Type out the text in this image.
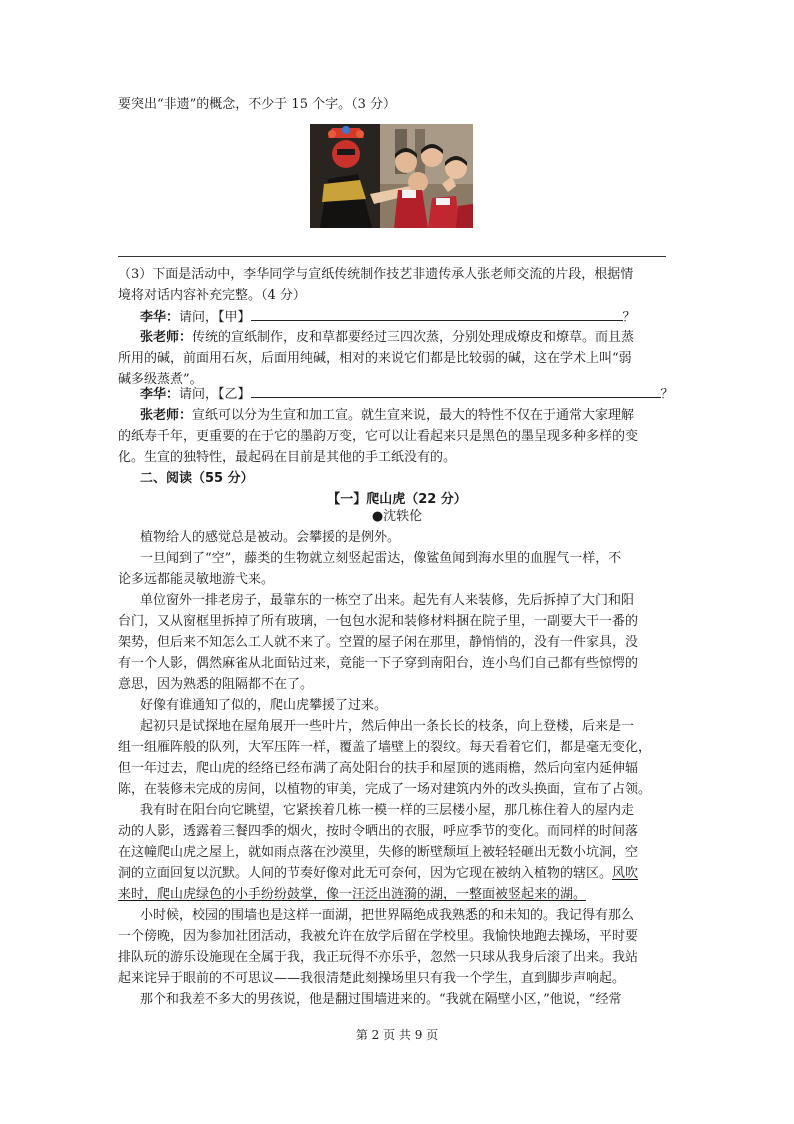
要突出“非遗”的概念，不少于 15 个字。（3 分）
（3）下面是活动中，李华同学与宣纸传统制作技艺非遗传承人张老师交流的片段，根据情
境将对话内容补充完整。（4 分）
李华：请问，【甲】	？
张老师：传统的宣纸制作，皮和草都要经过三四次蒸，分别处理成燎皮和燎草。而且蒸
所用的碱，前面用石灰，后面用纯碱，相对的来说它们都是比较弱的碱，这在学术上叫“弱
碱多级蒸煮”。
李华：请问，【乙】	？
张老师：宣纸可以分为生宣和加工宣。就生宣来说，最大的特性不仅在于通常大家理解
的纸寿千年，更重要的在于它的墨韵万变，它可以让看起来只是黑色的墨呈现多种多样的变
化。生宣的独特性，最起码在目前是其他的手工纸没有的。
二、阅读（55 分）
【一】爬山虎（22 分）
●沈轶伦
植物给人的感觉总是被动。会攀援的是例外。
一旦闻到了“空”，藤类的生物就立刻竖起雷达，像鲨鱼闻到海水里的血腥气一样，不
论多远都能灵敏地游弋来。
单位窗外一排老房子，最靠东的一栋空了出来。起先有人来装修，先后拆掉了大门和阳
台门，又从窗框里拆掉了所有玻璃，一包包水泥和装修材料捆在院子里，一副要大干一番的
架势，但后来不知怎么工人就不来了。空置的屋子闲在那里，静悄悄的，没有一件家具，没
有一个人影，偶然麻雀从北面钻过来，竟能一下子穿到南阳台，连小鸟们自己都有些惊愕的
意思，因为熟悉的阻隔都不在了。
好像有谁通知了似的，爬山虎攀援了过来。
起初只是试探地在屋角展开一些叶片，然后伸出一条长长的枝条，向上登楼，后来是一
组一组雁阵般的队列，大军压阵一样，覆盖了墙壁上的裂纹。每天看着它们，都是毫无变化，
但一年过去，爬山虎的经络已经布满了高处阳台的扶手和屋顶的逃雨檐，然后向室内延伸辐
陈，在装修未完成的房间，以植物的审美，完成了一场对建筑内外的改头换面，宣布了占领。
我有时在阳台向它眺望，它紧挨着几栋一模一样的三层楼小屋，那几栋住着人的屋内走
动的人影，透露着三餐四季的烟火，按时令晒出的衣服，呼应季节的变化。而同样的时间落
在这幢爬山虎之屋上，就如雨点落在沙漠里，失修的断壁颓垣上被轻轻砸出无数小坑洞，空
洞的立面回复以沉默。人间的节奏好像对此无可奈何，因为它现在被纳入植物的辖区。风吹
来时，爬山虎绿色的小手纷纷鼓掌，像一汪泛出涟漪的湖，一整面被竖起来的湖。
小时候，校园的围墙也是这样一面湖，把世界隔绝成我熟悉的和未知的。我记得有那么
一个傍晚，因为参加社团活动，我被允许在放学后留在学校里。我愉快地跑去操场，平时要
排队玩的游乐设施现在全属于我，我正玩得不亦乐乎，忽然一只球从我身后滚了出来。我站
起来诧异于眼前的不可思议——我很清楚此刻操场里只有我一个学生，直到脚步声响起。
那个和我差不多大的男孩说，他是翻过围墙进来的。“我就在隔壁小区，”他说，“经常
第 2 页 共 9 页
